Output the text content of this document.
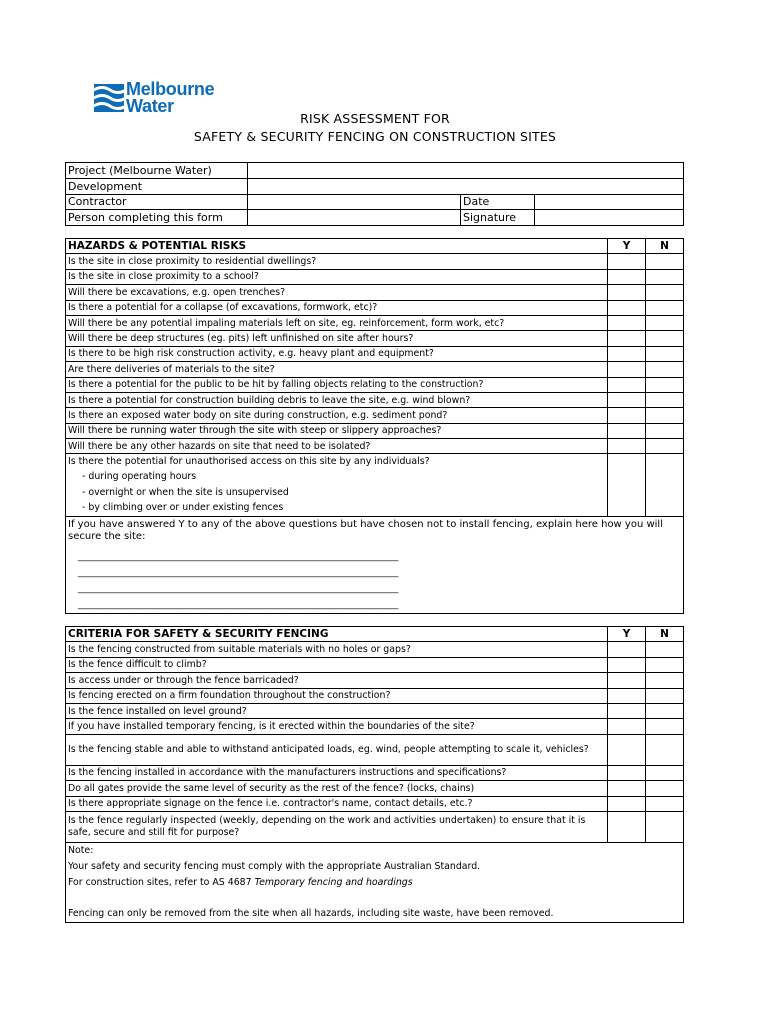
Melbourne
Water
RISK ASSESSMENT FOR
SAFETY & SECURITY FENCING ON CONSTRUCTION SITES
Project (Melbourne Water)			
Development			
Contractor		Date	
Person completing this form		Signature	
HAZARDS & POTENTIAL RISKS	Y	N
Is the site in close proximity to residential dwellings?		
Is the site in close proximity to a school?		
Will there be excavations, e.g. open trenches?		
Is there a potential for a collapse (of excavations, formwork, etc)?		
Will there be any potential impaling materials left on site, eg. reinforcement, form work, etc?		
Will there be deep structures (eg. pits) left unfinished on site after hours?		
Is there to be high risk construction activity, e.g. heavy plant and equipment?		
Are there deliveries of materials to the site?		
Is there a potential for the public to be hit by falling objects relating to the construction?		
Is there a potential for construction building debris to leave the site, e.g. wind blown?		
Is there an exposed water body on site during construction, e.g. sediment pond?		
Will there be running water through the site with steep or slippery approaches?		
Will there be any other hazards on site that need to be isolated?		

Is there the potential for unauthorised access on this site by any individuals?
- during operating hours
- overnight or when the site is unsupervised
- by climbing over or under existing fences		

If you have answered Y to any of the above questions but have chosen not to install fencing, explain here how you will secure the site:
__________________________________________________________________________________
__________________________________________________________________________________
__________________________________________________________________________________
__________________________________________________________________________________		
CRITERIA FOR SAFETY & SECURITY FENCING	Y	N
Is the fencing constructed from suitable materials with no holes or gaps?		
Is the fence difficult to climb?		
Is access under or through the fence barricaded?		
Is fencing erected on a firm foundation throughout the construction?		
Is the fence installed on level ground?		
If you have installed temporary fencing, is it erected within the boundaries of the site?		
Is the fencing stable and able to withstand anticipated loads, eg. wind, people attempting to scale it, vehicles?		
Is the fencing installed in accordance with the manufacturers instructions and specifications?		
Do all gates provide the same level of security as the rest of the fence? (locks, chains)		
Is there appropriate signage on the fence i.e. contractor's name, contact details, etc.?		
Is the fence regularly inspected (weekly, depending on the work and activities undertaken) to ensure that it is safe, secure and still fit for purpose?		

Note:

Your safety and security fencing must comply with the appropriate Australian Standard.

For construction sites, refer to AS 4687 Temporary fencing and hoardings

Fencing can only be removed from the site when all hazards, including site waste, have been removed.		
